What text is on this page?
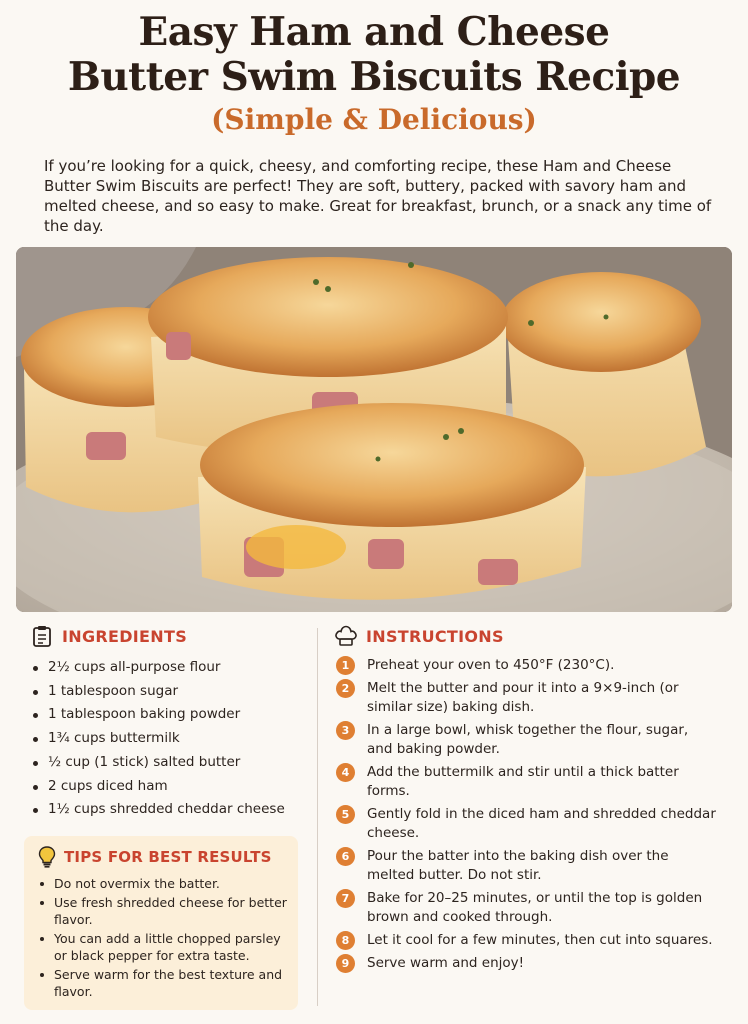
Easy Ham and Cheese
Butter Swim Biscuits Recipe
(Simple & Delicious)

If you’re looking for a quick, cheesy, and comforting recipe, these Ham and Cheese Butter Swim Biscuits are perfect! They are soft, buttery, packed with savory ham and melted cheese, and so easy to make. Great for breakfast, brunch, or a snack any time of the day.

INGREDIENTS
2½ cups all-purpose flour
1 tablespoon sugar
1 tablespoon baking powder
1¾ cups buttermilk
½ cup (1 stick) salted butter
2 cups diced ham
1½ cups shredded cheddar cheese
TIPS FOR BEST RESULTS
Do not overmix the batter.
Use fresh shredded cheese for better flavor.
You can add a little chopped parsley or black pepper for extra taste.
Serve warm for the best texture and flavor.
INSTRUCTIONS
1	Preheat your oven to 450°F (230°C).
2	Melt the butter and pour it into a 9×9-inch (or similar size) baking dish.
3	In a large bowl, whisk together the flour, sugar, and baking powder.
4	Add the buttermilk and stir until a thick batter forms.
5	Gently fold in the diced ham and shredded cheddar cheese.
6	Pour the batter into the baking dish over the melted butter. Do not stir.
7	Bake for 20–25 minutes, or until the top is golden brown and cooked through.
8	Let it cool for a few minutes, then cut into squares.
9	Serve warm and enjoy!
